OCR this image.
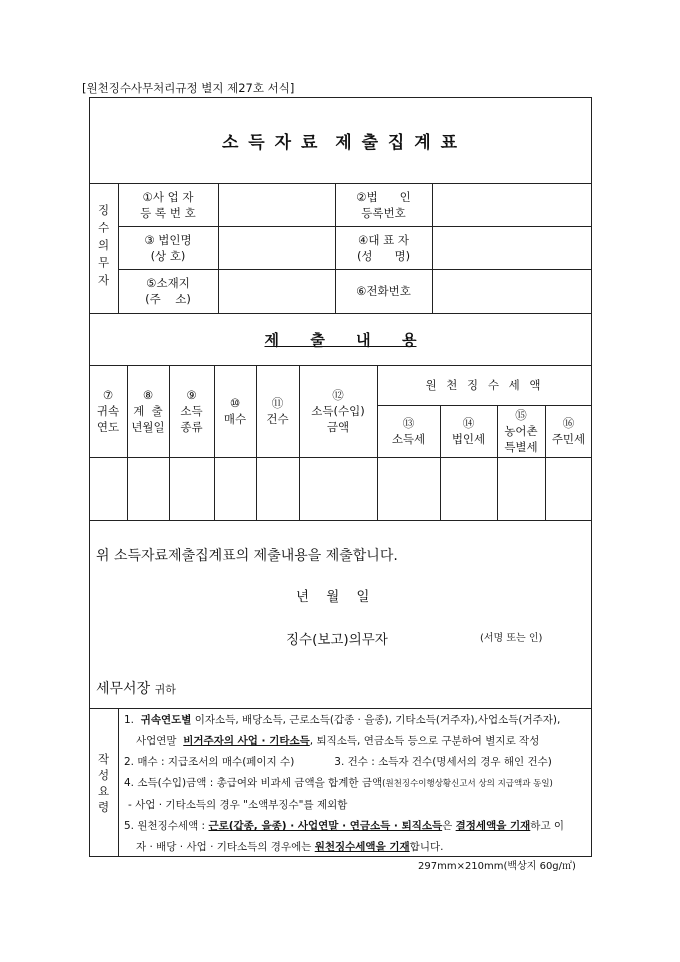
[원천징수사무처리규정 별지 제27호 서식]
소 득 자 료  제 출 집 계 표
징수의무자
①사 업 자
등 록 번 호
②법      인
등록번호
③ 법인명
(상 호)
④대 표 자
(성      명)
⑤소재지
(주    소)
⑥전화번호
제      출      내      용
⑦
귀속
연도
⑧
계  출
년월일
⑨
소득
종류
⑩
매수
⑪
건수
⑫
소득(수입)
금액
원 천 징 수 세 액
⑬
소득세
⑭
법인세
⑮
농어촌
특별세
⑯
주민세
위 소득자료제출집계표의 제출내용을 제출합니다.
년    월    일
징수(보고)의무자	(서명 또는 인)
세무서장 귀하
작성요령
1. 귀속연도별 이자소득, 배당소득, 근로소득(갑종 · 을종), 기타소득(거주자),사업소득(거주자),
사업연말  비거주자의 사업 · 기타소득, 퇴직소득, 연금소득 등으로 구분하여 별지로 작성
2. 매수 : 지급조서의 매수(페이지 수)	3. 건수 : 소득자 건수(명세서의 경우 해인 건수)
4. 소득(수입)금액 : 총급여와 비과세 금액을 합계한 금액(원천징수이행상황신고서 상의 지급액과 동일)
- 사업 · 기타소득의 경우 "소액부징수"를 제외함
5. 원천징수세액 : 근로(갑종, 을종) · 사업연말 · 연금소득 · 퇴직소득은 결정세액을 기재하고 이
자 · 배당 · 사업 · 기타소득의 경우에는 원천징수세액을 기재합니다.
297mm×210mm(백상지 60g/㎡)
